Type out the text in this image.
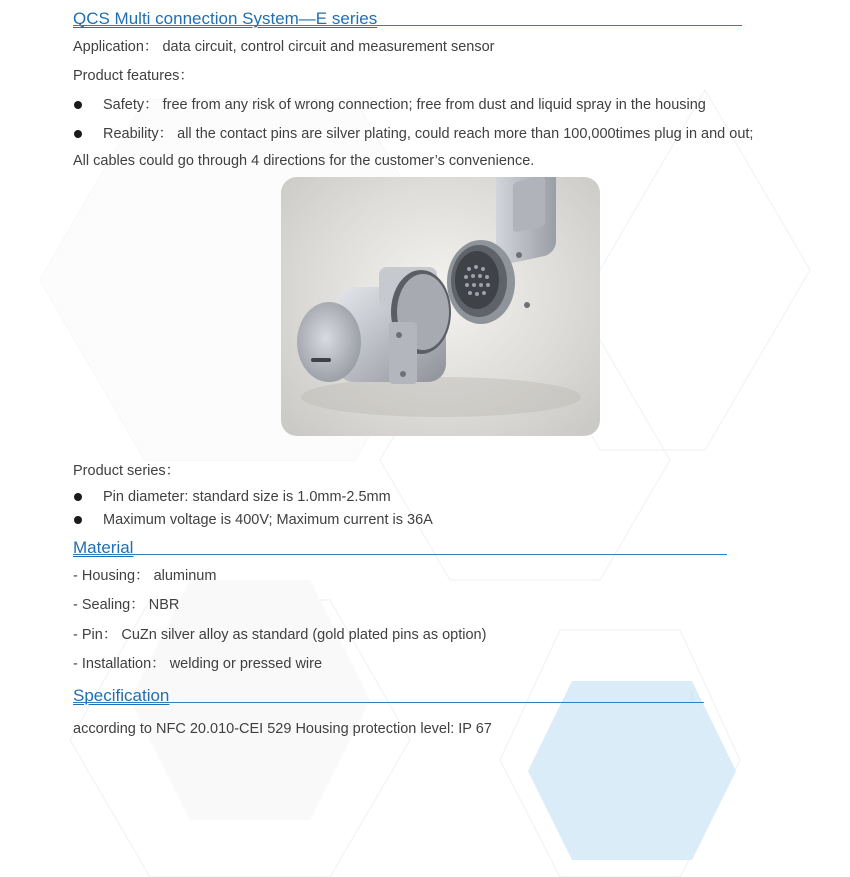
QCS Multi connection System—E series
Application： data circuit, control circuit and measurement sensor
Product features：
Safety： free from any risk of wrong connection; free from dust and liquid spray in the housing
Reability： all the contact pins are silver plating, could reach more than 100,000times plug in and out;
All cables could go through 4 directions for the customer’s convenience.
Product series：
Pin diameter: standard size is 1.0mm-2.5mm
Maximum voltage is 400V; Maximum current is 36A
Material
- Housing： aluminum
- Sealing： NBR
- Pin： CuZn silver alloy as standard (gold plated pins as option)
- Installation： welding or pressed wire
Specification	1
according to NFC 20.010-CEI 529 Housing protection level: IP 67
